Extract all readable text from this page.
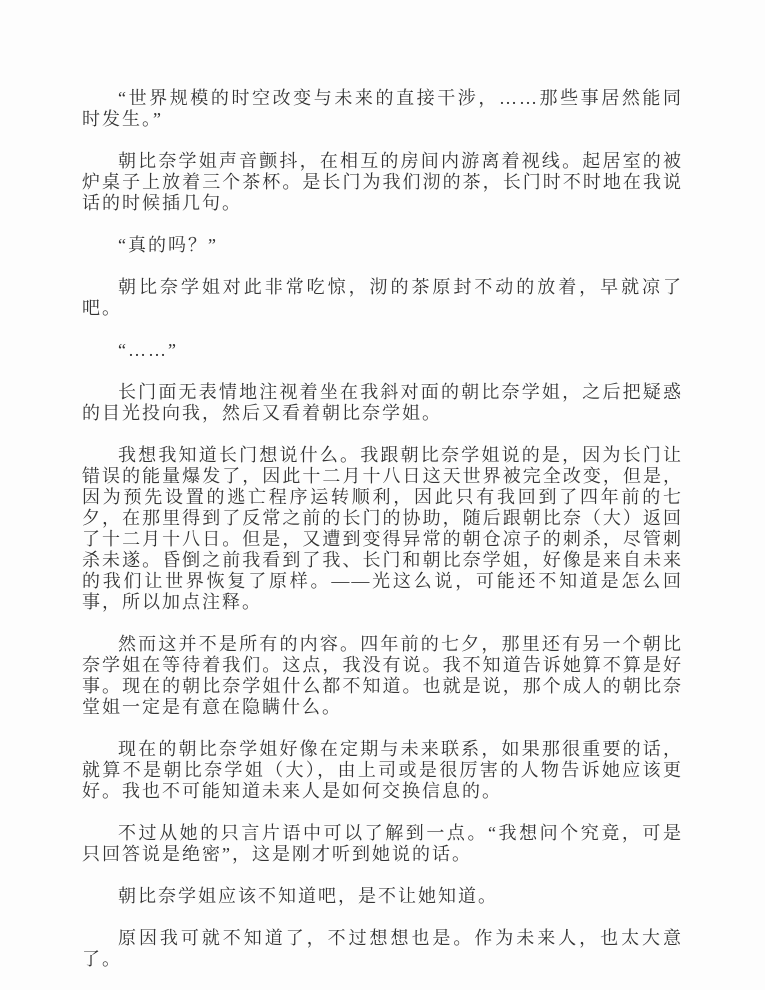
“世界规模的时空改变与未来的直接干涉，……那些事居然能同时发生。”

朝比奈学姐声音颤抖，在相互的房间内游离着视线。起居室的被炉桌子上放着三个茶杯。是长门为我们沏的茶，长门时不时地在我说话的时候插几句。

“真的吗？”

朝比奈学姐对此非常吃惊，沏的茶原封不动的放着，早就凉了吧。

“……”

长门面无表情地注视着坐在我斜对面的朝比奈学姐，之后把疑惑的目光投向我，然后又看着朝比奈学姐。

我想我知道长门想说什么。我跟朝比奈学姐说的是，因为长门让错误的能量爆发了，因此十二月十八日这天世界被完全改变，但是，因为预先设置的逃亡程序运转顺利，因此只有我回到了四年前的七夕，在那里得到了反常之前的长门的协助，随后跟朝比奈（大）返回了十二月十八日。但是，又遭到变得异常的朝仓凉子的刺杀，尽管刺杀未遂。昏倒之前我看到了我、长门和朝比奈学姐，好像是来自未来的我们让世界恢复了原样。——光这么说，可能还不知道是怎么回事，所以加点注释。

然而这并不是所有的内容。四年前的七夕，那里还有另一个朝比奈学姐在等待着我们。这点，我没有说。我不知道告诉她算不算是好事。现在的朝比奈学姐什么都不知道。也就是说，那个成人的朝比奈堂姐一定是有意在隐瞒什么。

现在的朝比奈学姐好像在定期与未来联系，如果那很重要的话，就算不是朝比奈学姐（大），由上司或是很厉害的人物告诉她应该更好。我也不可能知道未来人是如何交换信息的。

不过从她的只言片语中可以了解到一点。“我想问个究竟，可是只回答说是绝密”，这是刚才听到她说的话。

朝比奈学姐应该不知道吧，是不让她知道。

原因我可就不知道了，不过想想也是。作为未来人，也太大意了。
